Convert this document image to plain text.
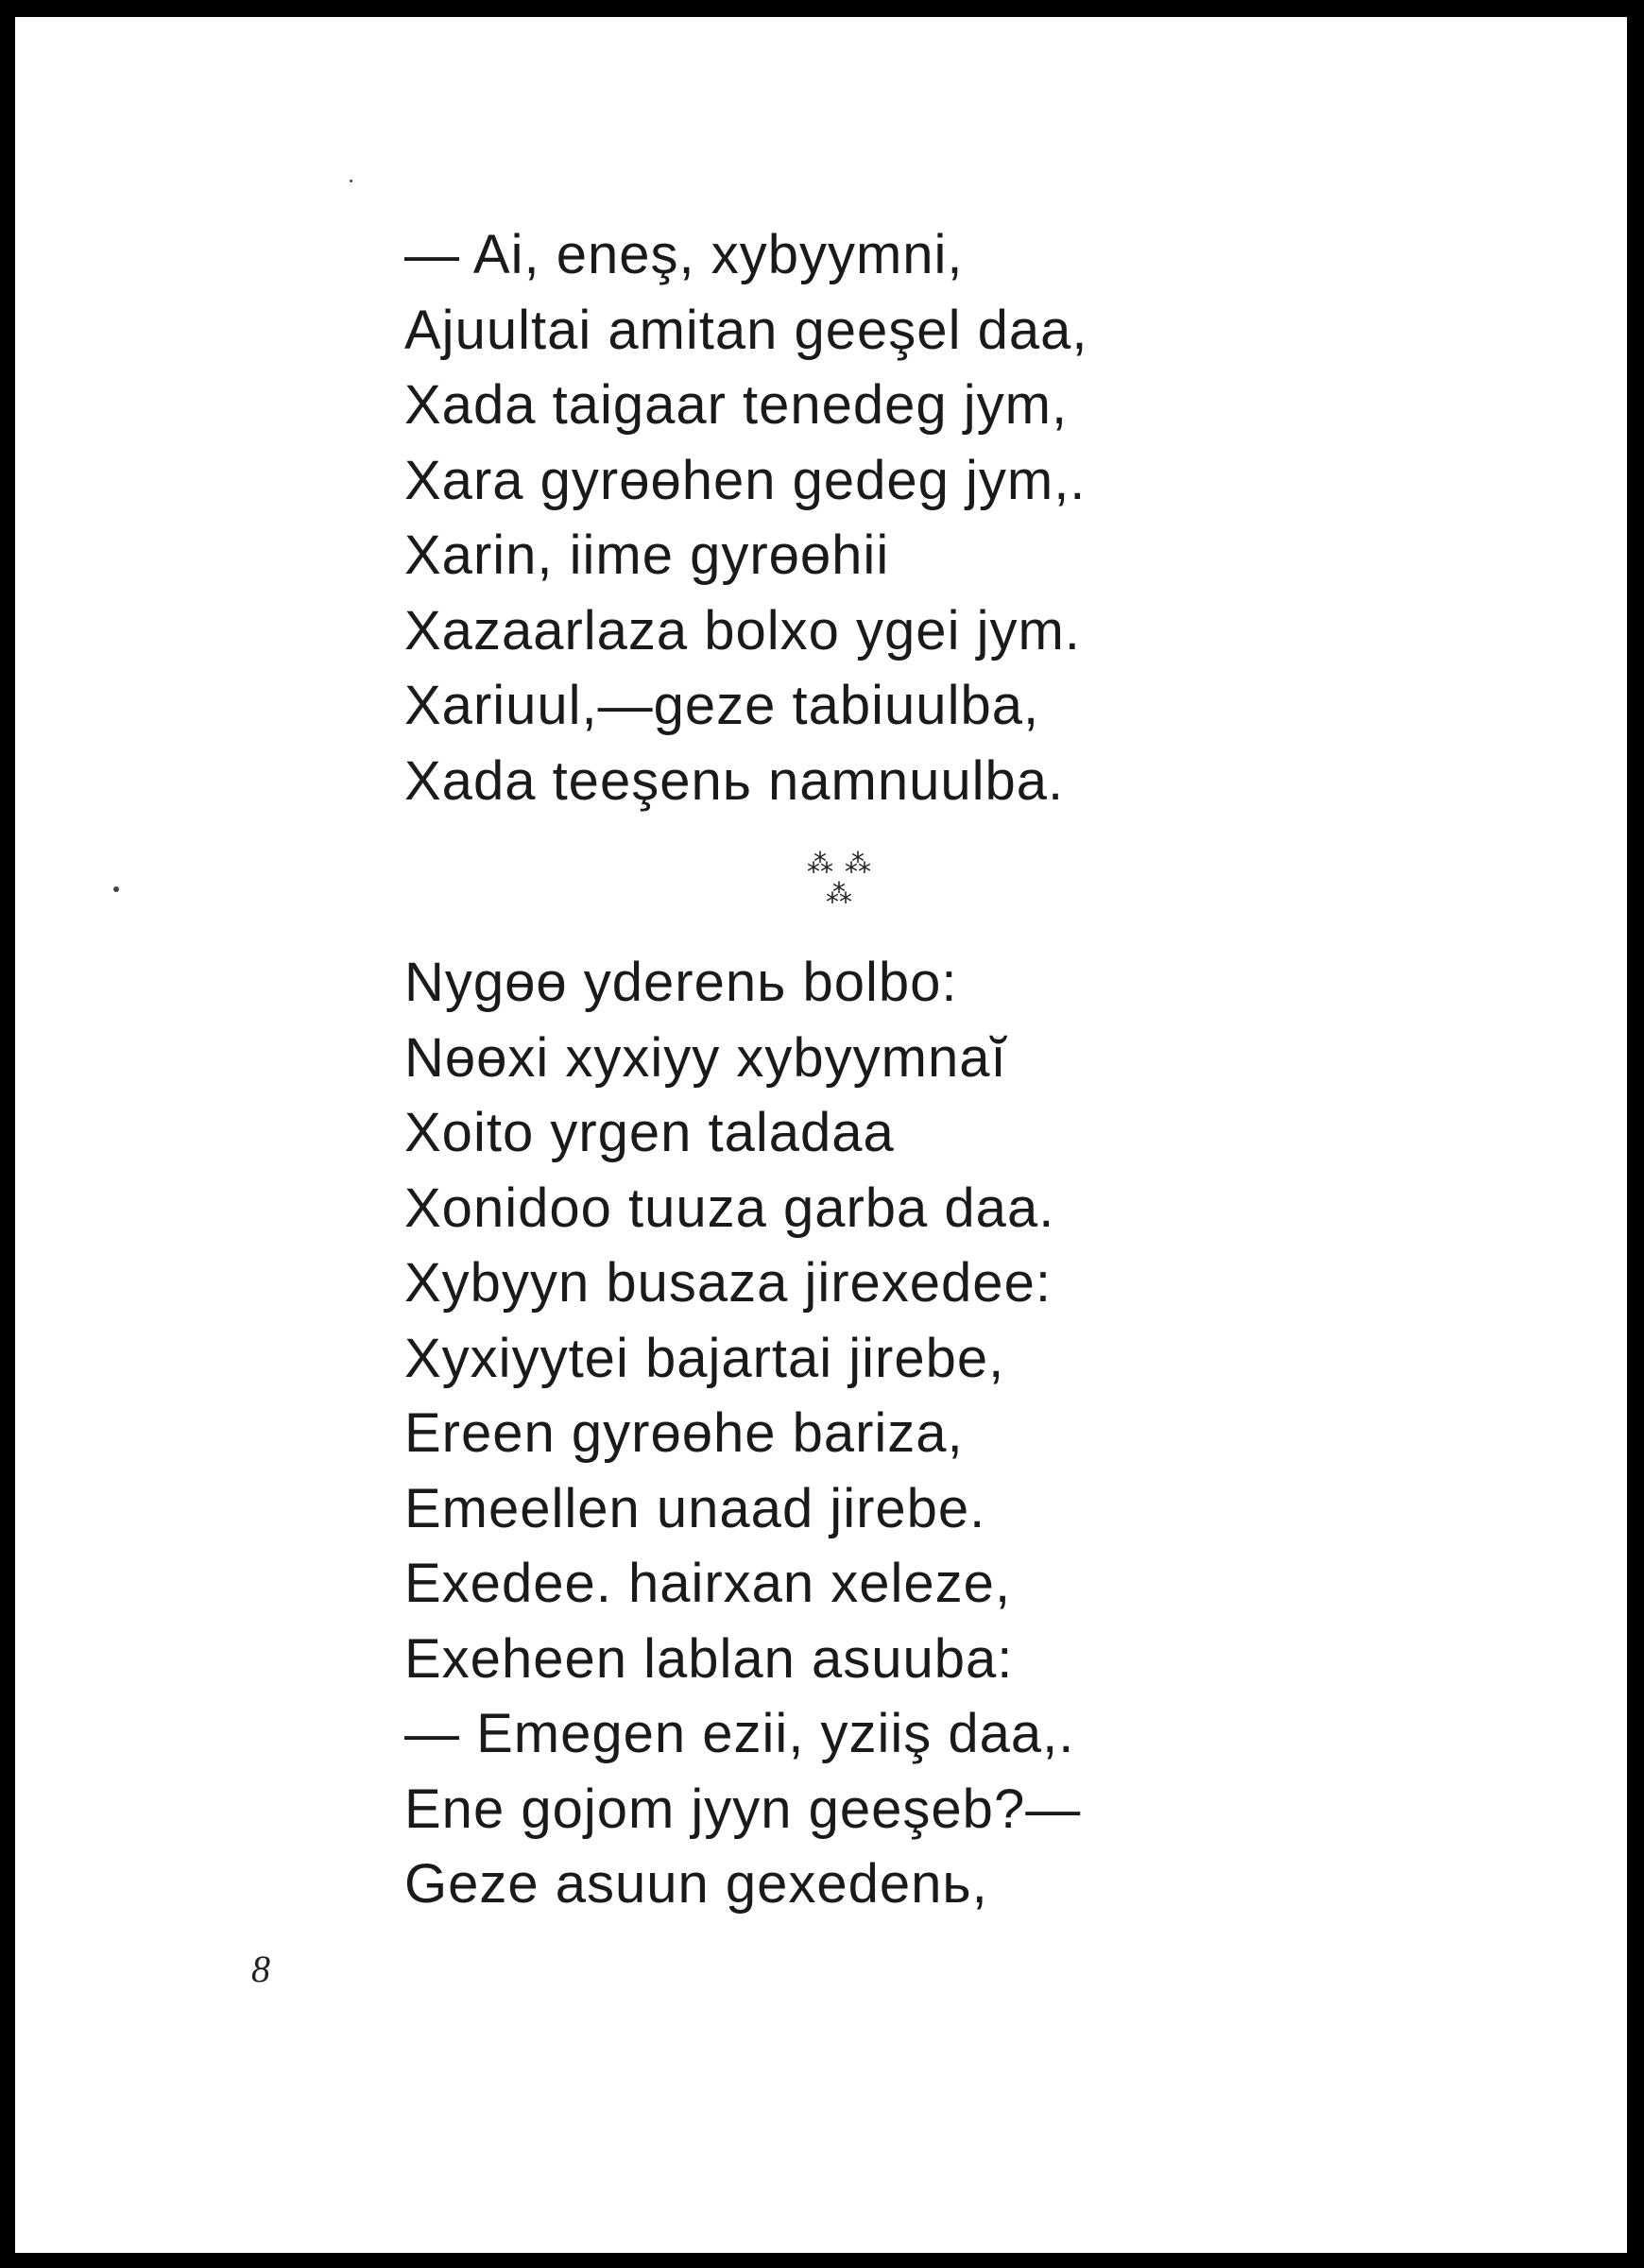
— Ai, eneş, xybyymni,
Ajuultai amitan geeşel daa,
Xada taigaar tenedeg jym,
Xara gyrөөhen gedeg jym,.
Xarin, iime gyrөөhii
Xazaarlaza bolxo ygei jym.
Xariuul,—geze tabiuulba,
Xada teeşenь namnuulba.
⁂ ⁂
⁂
Nygөө yderenь bolbo:
Nөөxi xyxiyy xybyymnaĭ
Xoito yrgen taladaa
Xonidoo tuuza garba daa.
Xybyyn busaza jirexedee:
Xyxiyytei bajartai jirebe,
Ereen gyrөөhe bariza,
Emeellen unaad jirebe.
Exedee. hairxan xeleze,
Exeheen lablan asuuba:
— Emegen ezii, yziiş daa,.
Ene gojom jyyn geeşeb?—
Geze asuun gexedenь,
8
